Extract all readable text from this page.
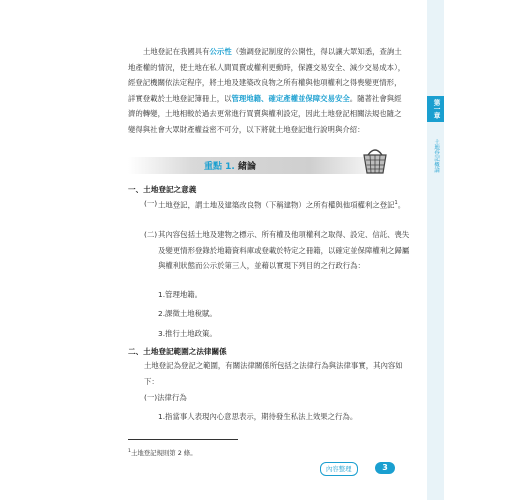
土地登記在我國具有公示性（強調登記制度的公開性，得以讓大眾知悉，查詢土地產權的情況，使土地在私人間買賣或權利更動時，保護交易安全、減少交易成本），經登記機關依法定程序，將土地及建築改良物之所有權與他項權利之得喪變更情形，詳實登載於土地登記簿冊上，以管理地籍、確定產權並保障交易安全。隨著社會與經濟的轉變，土地相較於過去更常進行買賣與權利設定，因此土地登記相關法規也隨之變得與社會大眾財產權益密不可分，以下將就土地登記進行說明與介紹：
重點 1. 緒論
一、土地登記之意義
(一) 土地登記，謂土地及建築改良物（下稱建物）之所有權與他項權利之登記$^1$。
(二) 其內容包括土地及建物之標示、所有權及他項權利之取得、設定、信託、喪失及變更情形登錄於地籍資料庫或登載於特定之冊籍，以確定並保障權利之歸屬與權利狀態而公示於第三人，並藉以實現下列目的之行政行為：
1.管理地籍。
2.課徵土地稅賦。
3.推行土地政策。
二、土地登記範圍之法律關係
土地登記為登記之範圍，有關法律關係所包括之法律行為與法律事實，其內容如下：
(一)法律行為
1.指當事人表現內心意思表示，期待發生私法上效果之行為。
$^1$土地登記規則第 2 條。
第一章
土地登記概論
內容整理	3
